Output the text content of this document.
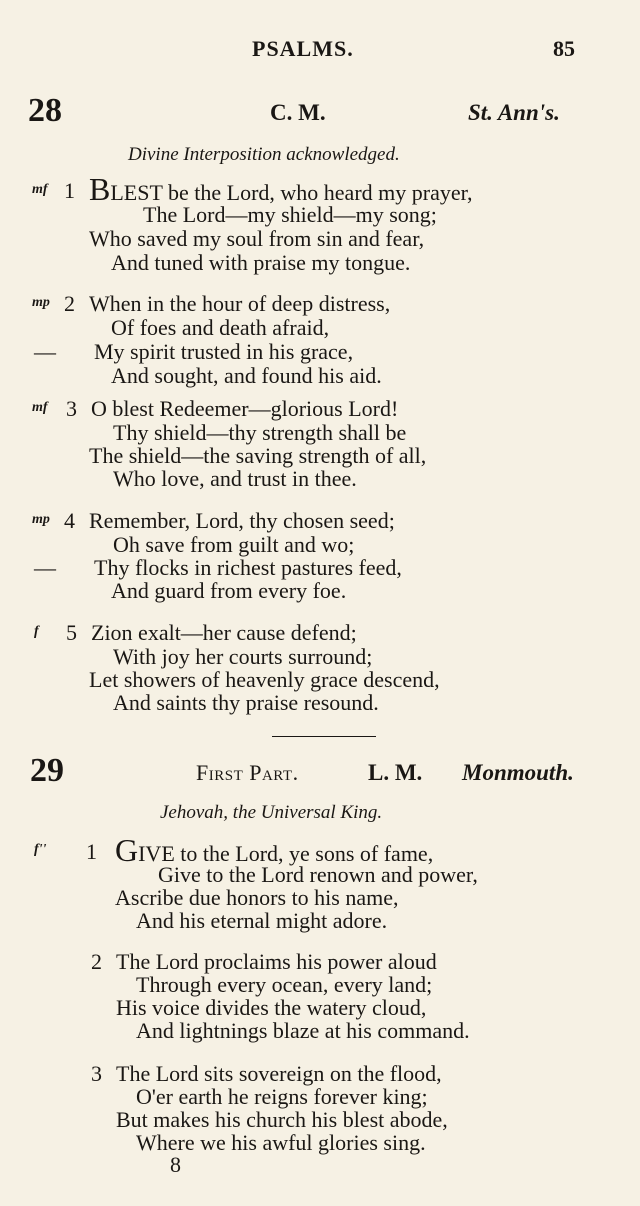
PSALMS.	85
28	C. M.	St. Ann's.
Divine Interposition acknowledged.
mf 1 BLEST be the Lord, who heard my prayer,
The Lord—my shield—my song;
Who saved my soul from sin and fear,
And tuned with praise my tongue.
mp 2 When in the hour of deep distress,
Of foes and death afraid,
— My spirit trusted in his grace,
And sought, and found his aid.
mf 3 O blest Redeemer—glorious Lord!
Thy shield—thy strength shall be
The shield—the saving strength of all,
Who love, and trust in thee.
mp 4 Remember, Lord, thy chosen seed;
Oh save from guilt and wo;
— Thy flocks in richest pastures feed,
And guard from every foe.
f 5 Zion exalt—her cause defend;
With joy her courts surround;
Let showers of heavenly grace descend,
And saints thy praise resound.
29	First Part.	L. M. Monmouth.
Jehovah, the Universal King.
f'' 1 GIVE to the Lord, ye sons of fame,
Give to the Lord renown and power,
Ascribe due honors to his name,
And his eternal might adore.
2 The Lord proclaims his power aloud
Through every ocean, every land;
His voice divides the watery cloud,
And lightnings blaze at his command.
3 The Lord sits sovereign on the flood,
O'er earth he reigns forever king;
But makes his church his blest abode,
Where we his awful glories sing.
8
